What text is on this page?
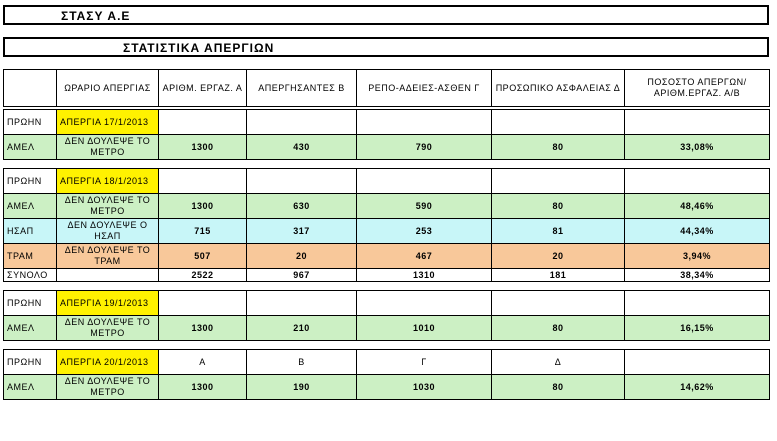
ΣΤΑΣΥ Α.Ε
ΣΤΑΤΙΣΤΙΚΑ ΑΠΕΡΓΙΩΝ
	ΩΡΑΡΙΟ ΑΠΕΡΓΙΑΣ	ΑΡΙΘΜ. ΕΡΓΑΖ. Α	ΑΠΕΡΓΗΣΑΝΤΕΣ Β	ΡΕΠΟ-ΑΔΕΙΕΣ-ΑΣΘΕΝ Γ	ΠΡΟΣΩΠΙΚΟ ΑΣΦΑΛΕΙΑΣ Δ	ΠΟΣΟΣΤΟ ΑΠΕΡΓΩΝ/ΑΡΙΘΜ.ΕΡΓΑΖ. Α/Β

ΠΡΩΗΝ	ΑΠΕΡΓΙΑ 17/1/2013					
ΑΜΕΛ	ΔΕΝ ΔΟΥΛΕΨΕ ΤΟ ΜΕΤΡΟ	1300	430	790	80	33,08%

ΠΡΩΗΝ	ΑΠΕΡΓΙΑ 18/1/2013					
ΑΜΕΛ	ΔΕΝ ΔΟΥΛΕΨΕ ΤΟ ΜΕΤΡΟ	1300	630	590	80	48,46%
ΗΣΑΠ	ΔΕΝ ΔΟΥΛΕΨΕ Ο ΗΣΑΠ	715	317	253	81	44,34%
ΤΡΑΜ	ΔΕΝ ΔΟΥΛΕΨΕ ΤΟ ΤΡΑΜ	507	20	467	20	3,94%
ΣΥΝΟΛΟ		2522	967	1310	181	38,34%

ΠΡΩΗΝ	ΑΠΕΡΓΙΑ 19/1/2013					
ΑΜΕΛ	ΔΕΝ ΔΟΥΛΕΨΕ ΤΟ ΜΕΤΡΟ	1300	210	1010	80	16,15%

ΠΡΩΗΝ	ΑΠΕΡΓΙΑ 20/1/2013	Α	Β	Γ	Δ	
ΑΜΕΛ	ΔΕΝ ΔΟΥΛΕΨΕ ΤΟ ΜΕΤΡΟ	1300	190	1030	80	14,62%
